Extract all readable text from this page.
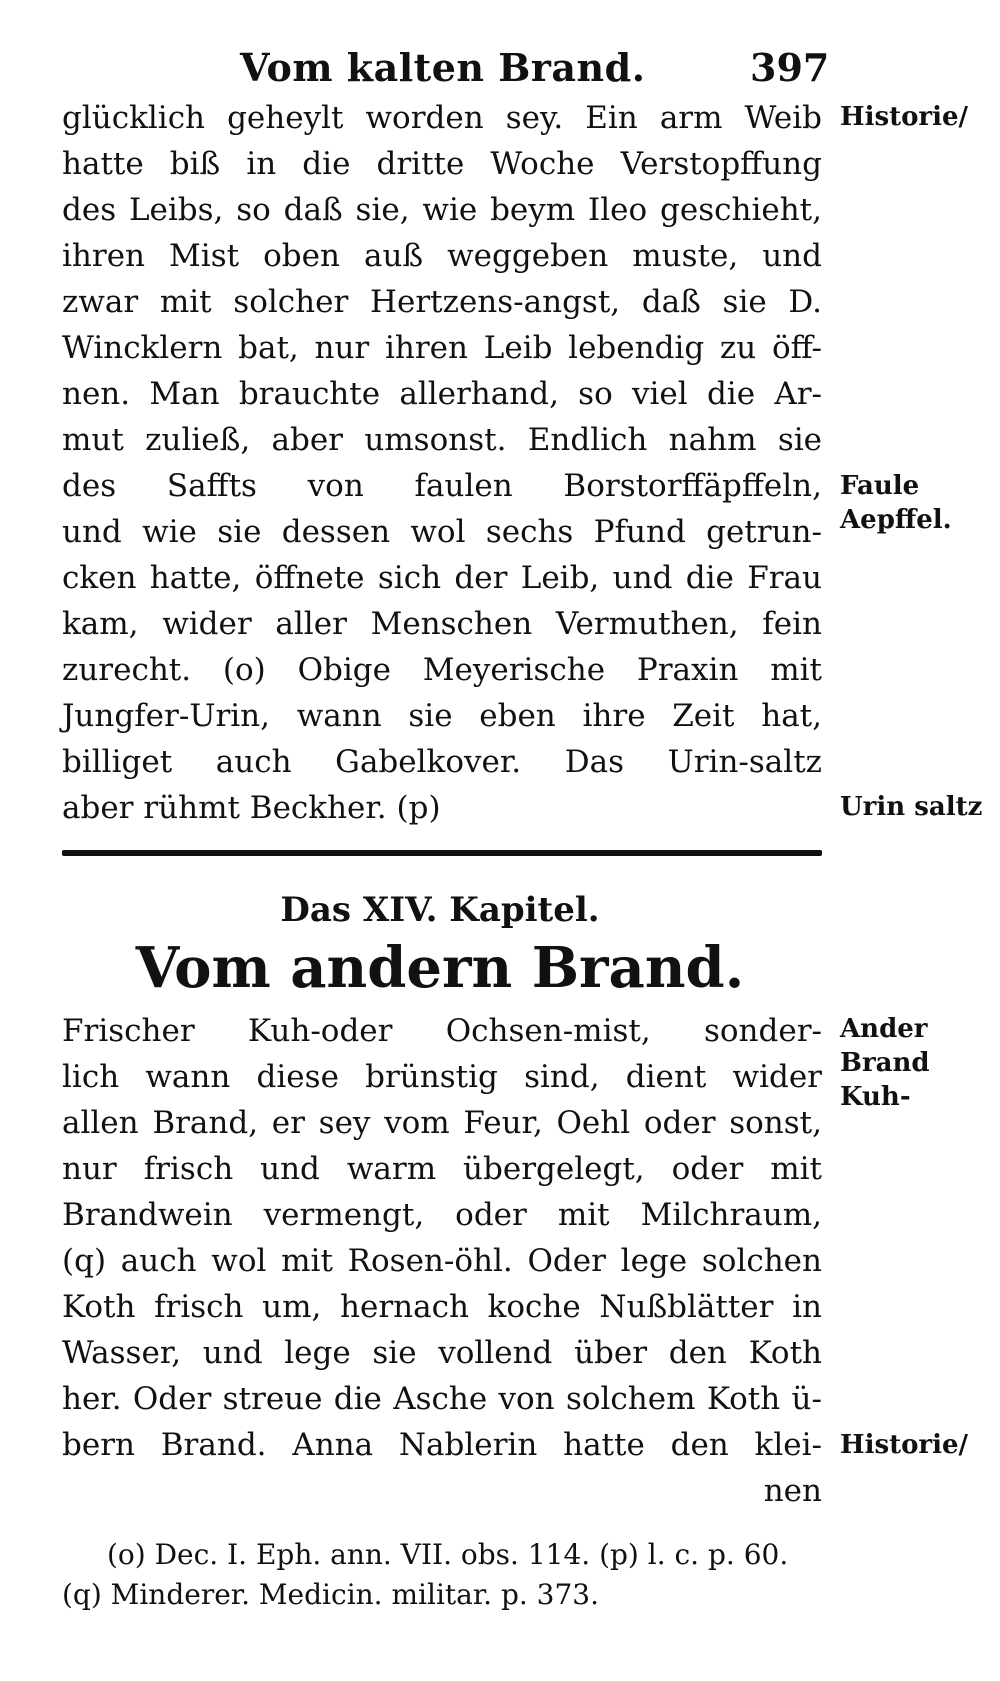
Vom kalten Brand.	397
glücklich geheylt worden sey. Ein arm Weib
hatte biß in die dritte Woche Verstopffung
des Leibs, so daß sie, wie beym Ileo geschieht,
ihren Mist oben auß weggeben muste, und
zwar mit solcher Hertzens-angst, daß sie D.
Wincklern bat, nur ihren Leib lebendig zu öff-
nen. Man brauchte allerhand, so viel die Ar-
mut zuließ, aber umsonst. Endlich nahm sie
des Saffts von faulen Borstorffäpffeln,
und wie sie dessen wol sechs Pfund getrun-
cken hatte, öffnete sich der Leib, und die Frau
kam, wider aller Menschen Vermuthen, fein
zurecht. (o) Obige Meyerische Praxin mit
Jungfer-Urin, wann sie eben ihre Zeit hat,
billiget auch Gabelkover. Das Urin-saltz
aber rühmt Beckher. (p)
Historie/
Faule
Aepffel.
Urin saltz
Das XIV. Kapitel.
Vom andern Brand.
Frischer Kuh-oder Ochsen-mist, sonder-
lich wann diese brünstig sind, dient wider
allen Brand, er sey vom Feur, Oehl oder sonst,
nur frisch und warm übergelegt, oder mit
Brandwein vermengt, oder mit Milchraum,
(q) auch wol mit Rosen-öhl. Oder lege solchen
Koth frisch um, hernach koche Nußblätter in
Wasser, und lege sie vollend über den Koth
her. Oder streue die Asche von solchem Koth ü-
bern Brand. Anna Nablerin hatte den klei-
nen
Ander
Brand
Kuh-
Historie/
(o) Dec. I. Eph. ann. VII. obs. 114. (p) l. c. p. 60.
(q) Minderer. Medicin. militar. p. 373.
